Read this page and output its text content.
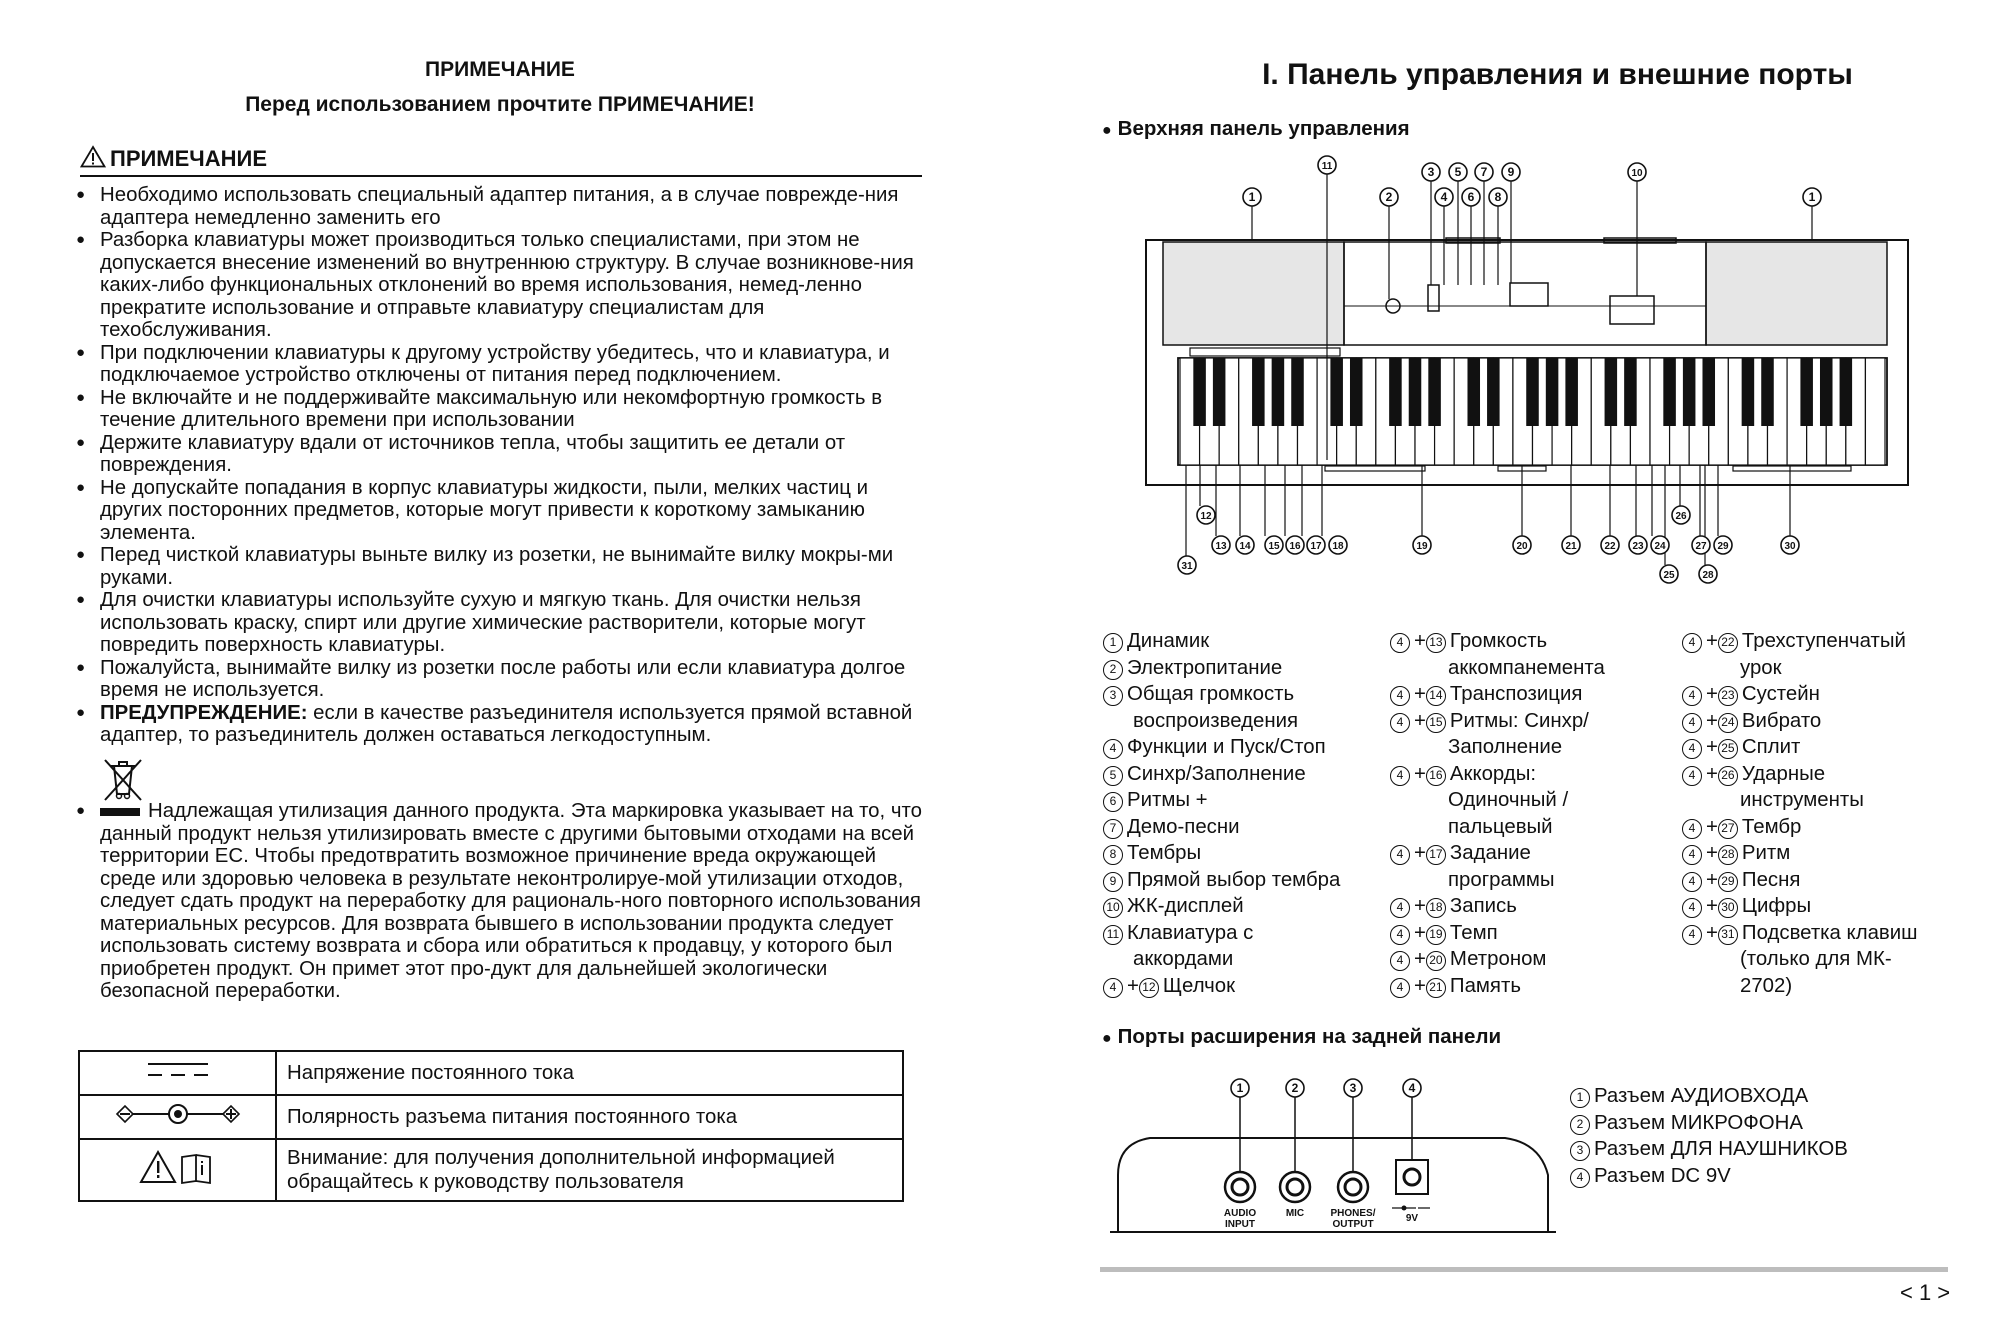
ПРИМЕЧАНИЕ
Перед использованием прочтите ПРИМЕЧАНИЕ!
ПРИМЕЧАНИЕ
● Необходимо использовать специальный адаптер питания, а в случае поврежде-ния адаптера немедленно заменить его
● Разборка клавиатуры может производиться только специалистами, при этом не допускается внесение изменений во внутреннюю структуру. В случае возникнове-ния каких-либо функциональных отклонений во время использования, немед-ленно прекратите использование и отправьте клавиатуру специалистам для техобслуживания.
● При подключении клавиатуры к другому устройству убедитесь, что и клавиатура, и подключаемое устройство отключены от питания перед подключением.
● Не включайте и не поддерживайте максимальную или некомфортную громкость в течение длительного времени при использовании
● Держите клавиатуру вдали от источников тепла, чтобы защитить ее детали от повреждения.
● Не допускайте попадания в корпус клавиатуры жидкости, пыли, мелких частиц и других посторонних предметов, которые могут привести к короткому замыканию элемента.
● Перед чисткой клавиатуры выньте вилку из розетки, не вынимайте вилку мокры-ми руками.
● Для очистки клавиатуры используйте сухую и мягкую ткань. Для очистки нельзя использовать краску, спирт или другие химические растворители, которые могут повредить поверхность клавиатуры.
● Пожалуйста, вынимайте вилку из розетки после работы или если клавиатура долгое время не используется.
● ПРЕДУПРЕЖДЕНИЕ: если в качестве разъединителя используется прямой вставной адаптер, то разъединитель должен оставаться легкодоступным.
●	Надлежащая утилизация данного продукта. Эта маркировка указывает на то, что данный продукт нельзя утилизировать вместе с другими бытовыми отходами на всей территории ЕС. Чтобы предотвратить возможное причинение вреда окружающей среде или здоровью человека в результате неконтролируе-мой утилизации отходов, следует сдать продукт на переработку для рациональ-ного повторного использования материальных ресурсов. Для возврата бывшего в использовании продукта следует использовать систему возврата и сбора или обратиться к продавцу, у которого был приобретен продукт. Он примет этот про-дукт для дальнейшей экологически безопасной переработки.
	Напряжение постоянного тока
	Полярность разъема питания постоянного тока
	Внимание: для получения дополнительной информацией обращайтесь к руководству пользователя
I. Панель управления и внешние порты
● Верхняя панель управления
1
11
2
3
4
5
6
7
8
9	10
1
12
13 14 15 16 17 18	19	20	21	22 23 24
25
26
27
28
29	30
31
1 Динамик
2 Электропитание
3 Общая громкость
воспроизведения
4 Функции и Пуск/Стоп
5 Синхр/Заполнение
6 Ритмы +
7 Демо-песни
8 Тембры
9 Прямой выбор тембра
10 ЖК-дисплей
11 Клавиатура с
аккордами
4 + 12 Щелчок
4 + 13 Громкость
аккомпанемента
4 + 14 Транспозиция
4 + 15 Ритмы: Синхр/
Заполнение
4 + 16 Аккорды:
Одиночный /
пальцевый
4 + 17 Задание
программы
4 + 18 Запись
4 + 19 Темп
4 + 20 Метроном
4 + 21 Память
4 + 22 Трехступенчатый
урок
4 + 23 Сустейн
4 + 24 Вибрато
4 + 25 Сплит
4 + 26 Ударные
инструменты
4 + 27 Тембр
4 + 28 Ритм
4 + 29 Песня
4 + 30 Цифры
4 + 31 Подсветка клавиш
(только для МК-
2702)
● Порты расширения на задней панели
1
AUDIO
INPUT
2
MIC
3
PHONES/
OUTPUT
4
9V
1 Разъем АУДИОВХОДА
2 Разъем МИКРОФОНА
3 Разъем ДЛЯ НАУШНИКОВ
4 Разъем DC 9V
< 1 >
